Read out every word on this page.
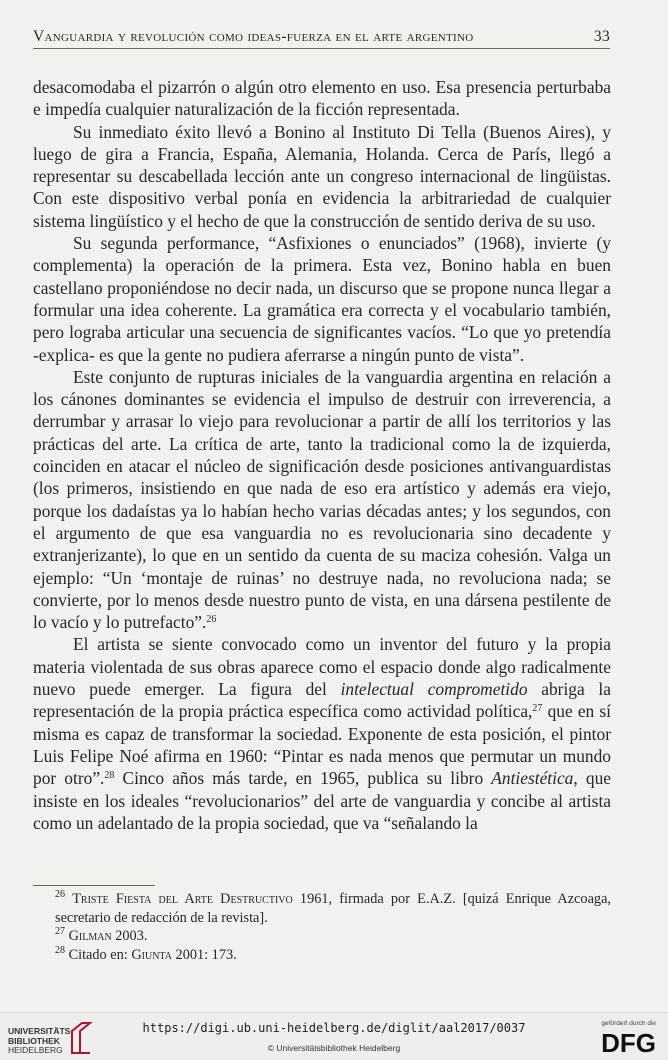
Vanguardia y revolución como ideas-fuerza en el arte argentino	33

desacomodaba el pizarrón o algún otro elemento en uso. Esa presencia perturbaba e impedía cualquier naturalización de la ficción representada.

Su inmediato éxito llevó a Bonino al Instituto Di Tella (Buenos Aires), y luego de gira a Francia, España, Alemania, Holanda. Cerca de París, llegó a representar su descabellada lección ante un congreso internacional de lingüistas. Con este dispositivo verbal ponía en evidencia la arbitrariedad de cualquier sistema lingüístico y el hecho de que la construcción de sentido deriva de su uso.

Su segunda performance, “Asfixiones o enunciados” (1968), invierte (y complementa) la operación de la primera. Esta vez, Bonino habla en buen castellano proponiéndose no decir nada, un discurso que se propone nunca llegar a formular una idea coherente. La gramática era correcta y el vocabulario también, pero lograba articular una secuencia de significantes vacíos. “Lo que yo pretendía -explica- es que la gente no pudiera aferrarse a ningún punto de vista”.

Este conjunto de rupturas iniciales de la vanguardia argentina en relación a los cánones dominantes se evidencia el impulso de destruir con irreverencia, a derrumbar y arrasar lo viejo para revolucionar a partir de allí los territorios y las prácticas del arte. La crítica de arte, tanto la tradicional como la de izquierda, coinciden en atacar el núcleo de significación desde posiciones antivanguardistas (los primeros, insistiendo en que nada de eso era artístico y además era viejo, porque los dadaístas ya lo habían hecho varias décadas antes; y los segundos, con el argumento de que esa vanguardia no es revolucionaria sino decadente y extranjerizante), lo que en un sentido da cuenta de su maciza cohesión. Valga un ejemplo: “Un ‘montaje de ruinas’ no destruye nada, no revoluciona nada; se convierte, por lo menos desde nuestro punto de vista, en una dársena pestilente de lo vacío y lo putrefacto”.$^{26}$

El artista se siente convocado como un inventor del futuro y la propia materia violentada de sus obras aparece como el espacio donde algo radicalmente nuevo puede emerger. La figura del intelectual comprometido abriga la representación de la propia práctica específica como actividad política,$^{27}$ que en sí misma es capaz de transformar la sociedad. Exponente de esta posición, el pintor Luis Felipe Noé afirma en 1960: “Pintar es nada menos que permutar un mundo por otro”.$^{28}$ Cinco años más tarde, en 1965, publica su libro Antiestética, que insiste en los ideales “revolucionarios” del arte de vanguardia y concibe al artista como un adelantado de la propia sociedad, que va “señalando la

$^{26}$ Triste Fiesta del Arte Destructivo 1961, firmada por E.A.Z. [quizá Enrique Azcoaga, secretario de redacción de la revista].

$^{27}$ Gilman 2003.

$^{28}$ Citado en: Giunta 2001: 173.

UNIVERSITÄTS-
BIBLIOTHEK
HEIDELBERG
https://digi.ub.uni-heidelberg.de/diglit/aal2017/0037
© Universitätsbibliothek Heidelberg
gefördert durch die
DFG
